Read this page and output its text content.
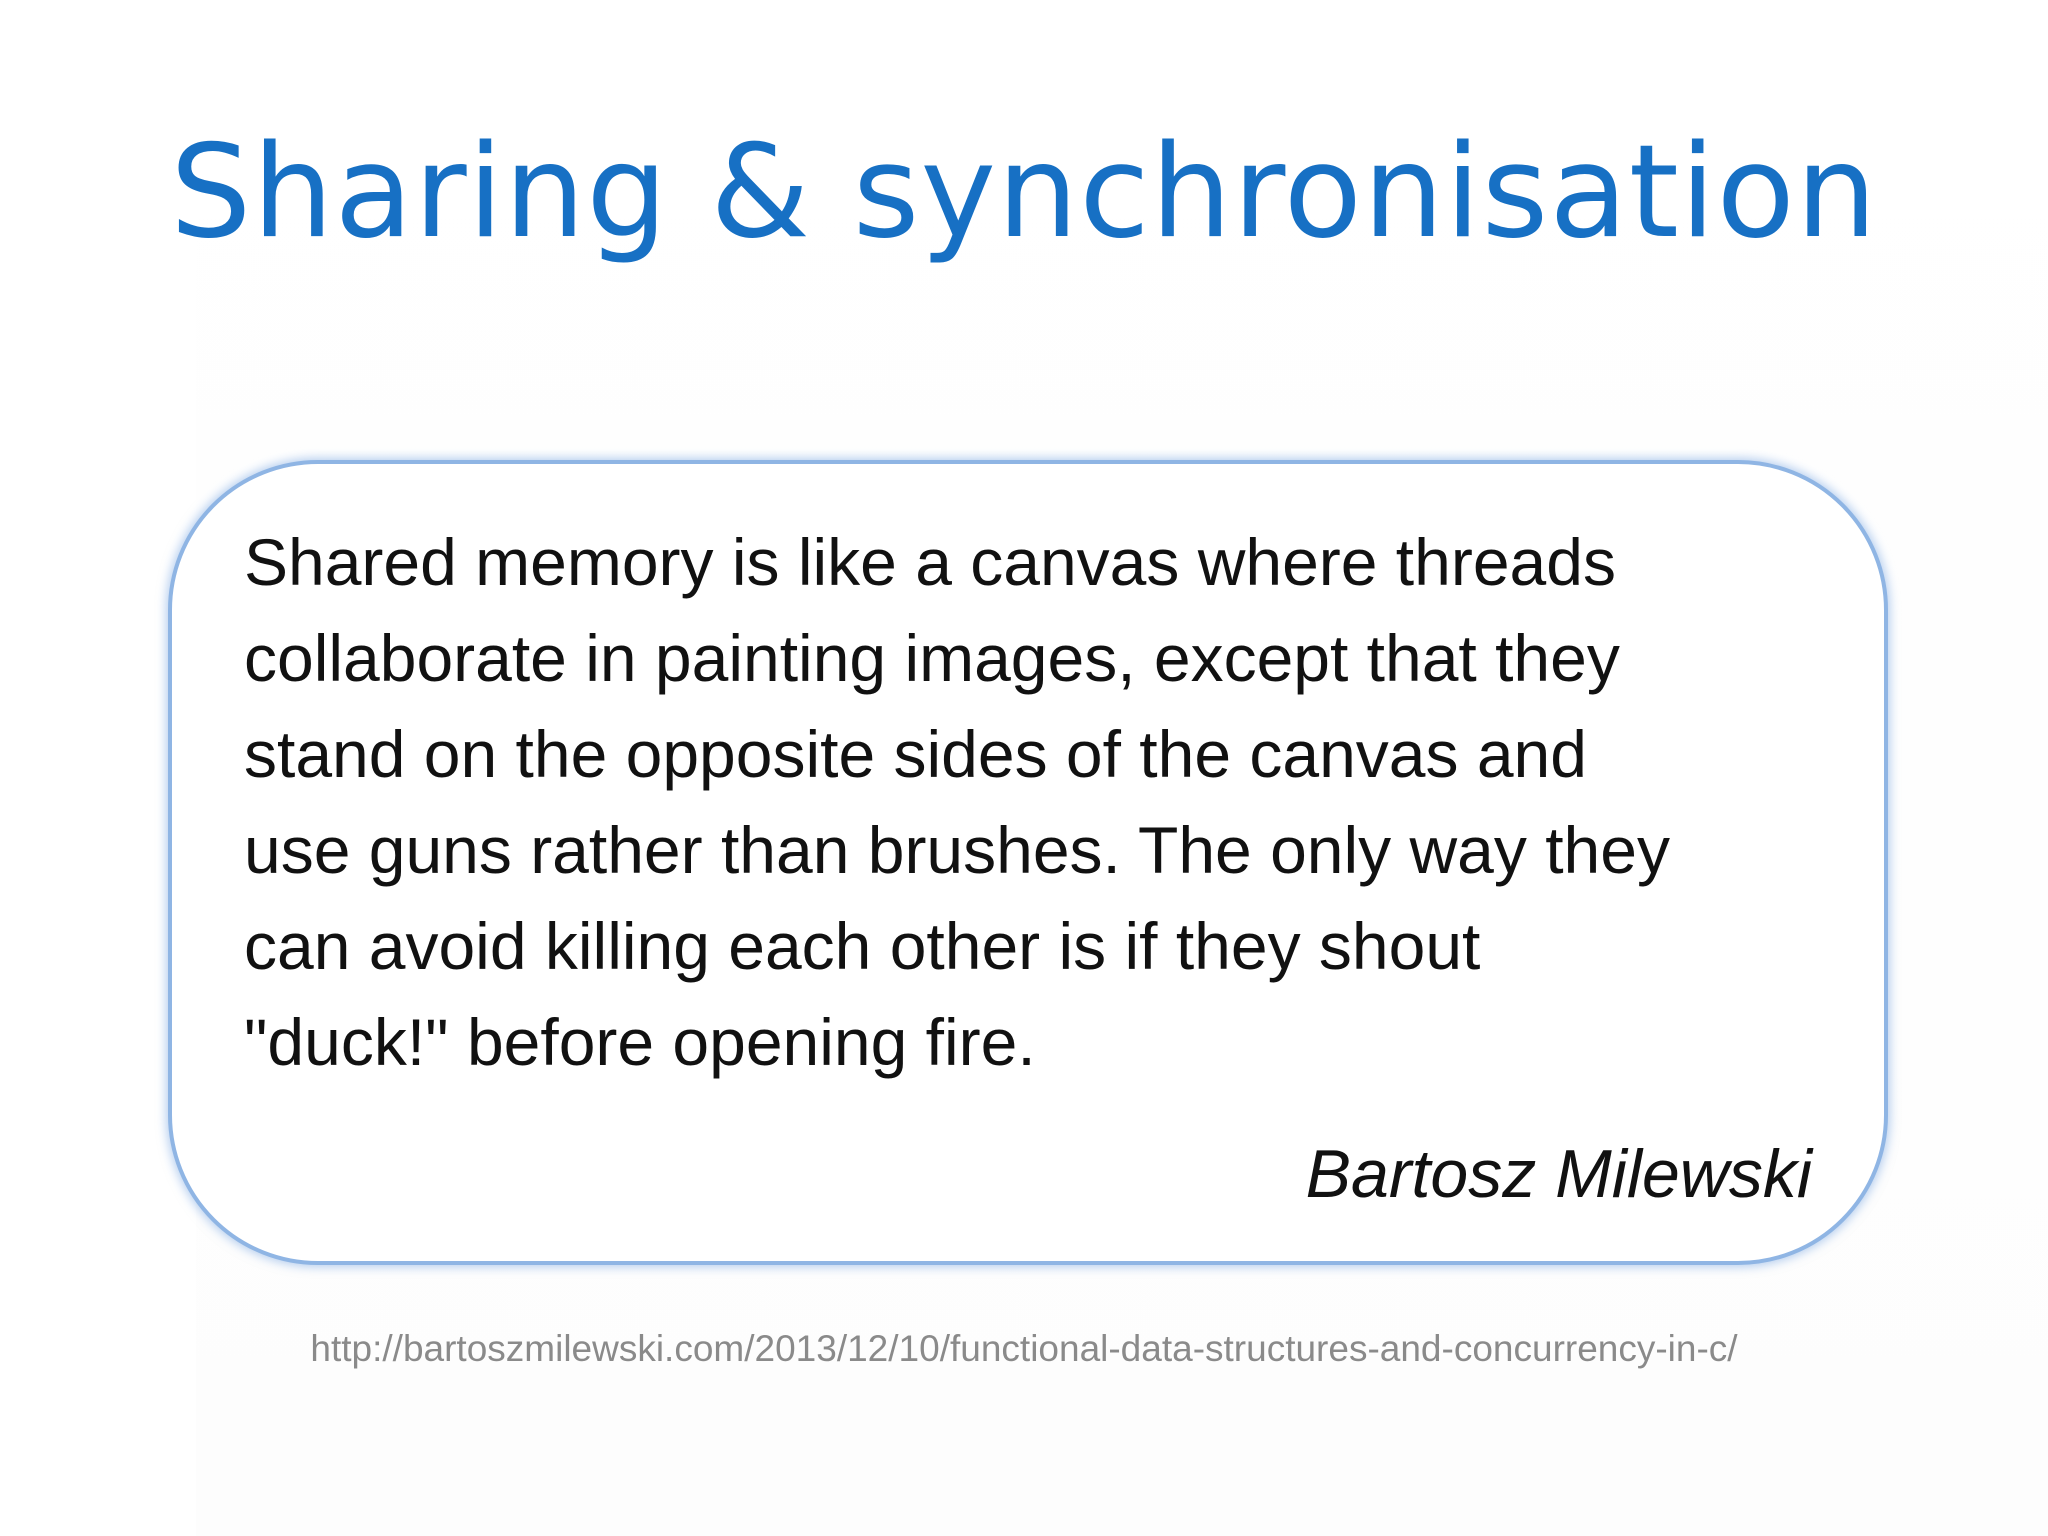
Sharing & synchronisation

Shared memory is like a canvas where threads
collaborate in painting images, except that they
stand on the opposite sides of the canvas and
use guns rather than brushes. The only way they
can avoid killing each other is if they shout
"duck!" before opening fire.

Bartosz Milewski
http://bartoszmilewski.com/2013/12/10/functional-data-structures-and-concurrency-in-c/
